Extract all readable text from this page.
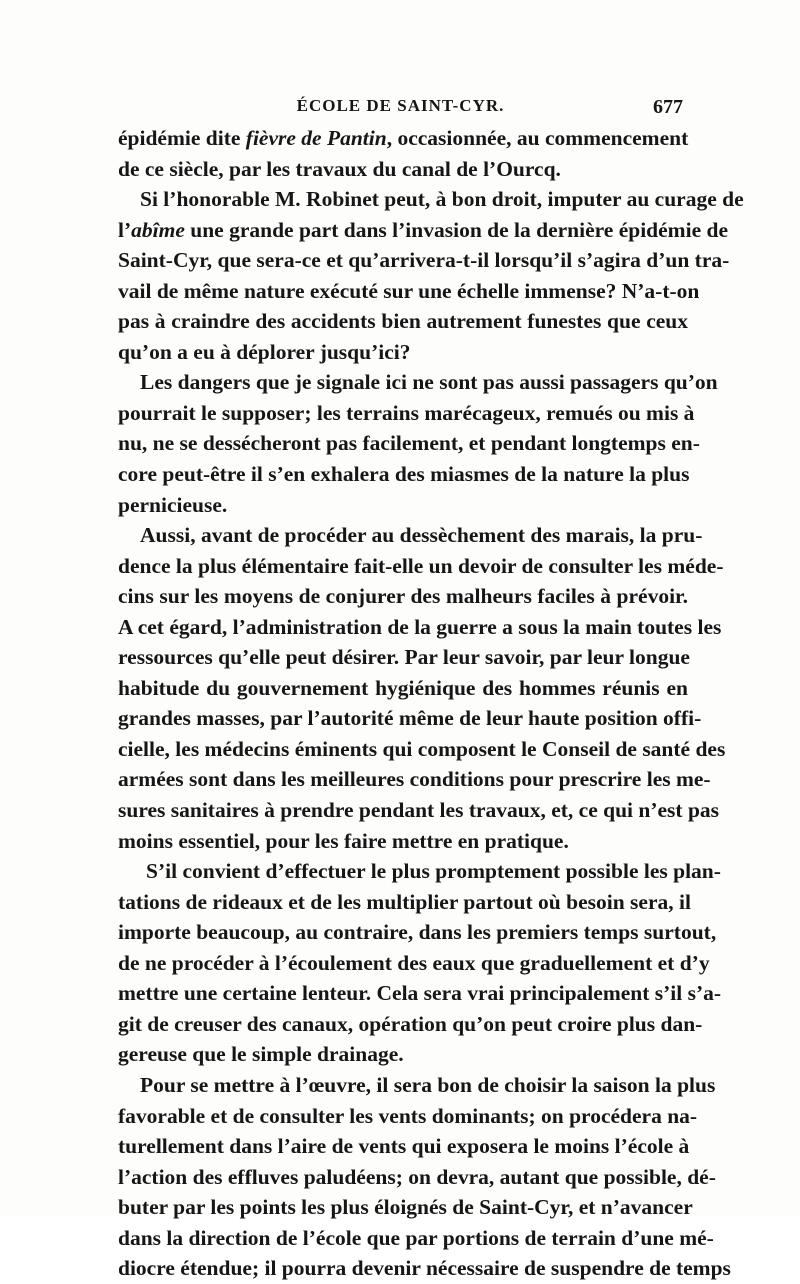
ÉCOLE DE SAINT-CYR.	677
épidémie dite fièvre de Pantin, occasionnée, au commencement
de ce siècle, par les travaux du canal de l’Ourcq.
Si l’honorable M. Robinet peut, à bon droit, imputer au curage de
l’abîme une grande part dans l’invasion de la dernière épidémie de
Saint-Cyr, que sera-ce et qu’arrivera-t-il lorsqu’il s’agira d’un tra-
vail de même nature exécuté sur une échelle immense? N’a-t-on
pas à craindre des accidents bien autrement funestes que ceux
qu’on a eu à déplorer jusqu’ici?
Les dangers que je signale ici ne sont pas aussi passagers qu’on
pourrait le supposer; les terrains marécageux, remués ou mis à
nu, ne se dessécheront pas facilement, et pendant longtemps en-
core peut-être il s’en exhalera des miasmes de la nature la plus
pernicieuse.
Aussi, avant de procéder au dessèchement des marais, la pru-
dence la plus élémentaire fait-elle un devoir de consulter les méde-
cins sur les moyens de conjurer des malheurs faciles à prévoir.
A cet égard, l’administration de la guerre a sous la main toutes les
ressources qu’elle peut désirer. Par leur savoir, par leur longue
habitude du gouvernement hygiénique des hommes réunis en
grandes masses, par l’autorité même de leur haute position offi-
cielle, les médecins éminents qui composent le Conseil de santé des
armées sont dans les meilleures conditions pour prescrire les me-
sures sanitaires à prendre pendant les travaux, et, ce qui n’est pas
moins essentiel, pour les faire mettre en pratique.
S’il convient d’effectuer le plus promptement possible les plan-
tations de rideaux et de les multiplier partout où besoin sera, il
importe beaucoup, au contraire, dans les premiers temps surtout,
de ne procéder à l’écoulement des eaux que graduellement et d’y
mettre une certaine lenteur. Cela sera vrai principalement s’il s’a-
git de creuser des canaux, opération qu’on peut croire plus dan-
gereuse que le simple drainage.
Pour se mettre à l’œuvre, il sera bon de choisir la saison la plus
favorable et de consulter les vents dominants; on procédera na-
turellement dans l’aire de vents qui exposera le moins l’école à
l’action des effluves paludéens; on devra, autant que possible, dé-
buter par les points les plus éloignés de Saint-Cyr, et n’avancer
dans la direction de l’école que par portions de terrain d’une mé-
diocre étendue; il pourra devenir nécessaire de suspendre de temps
